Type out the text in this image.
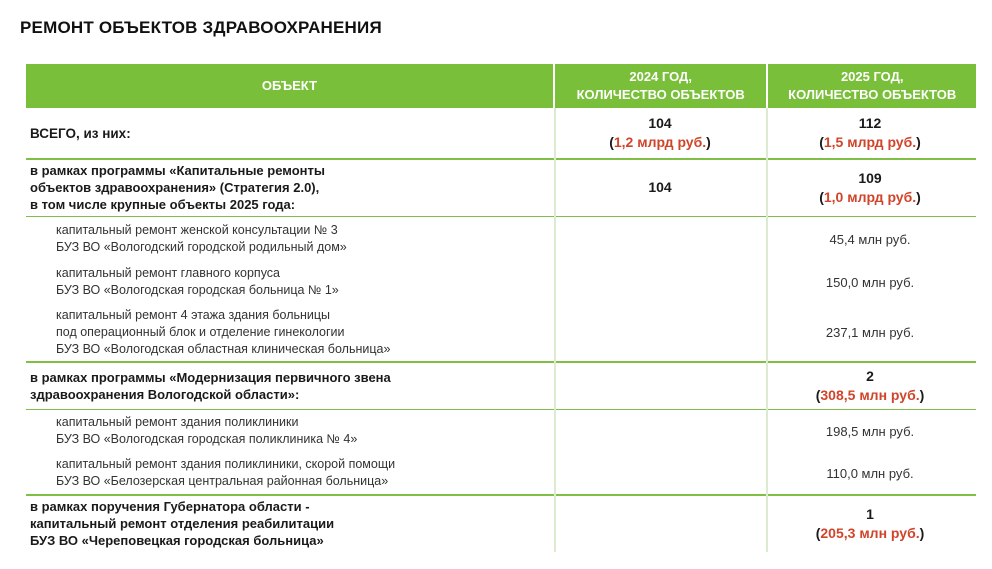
РЕМОНТ ОБЪЕКТОВ ЗДРАВООХРАНЕНИЯ
ОБЪЕКТ
2024 ГОД,
КОЛИЧЕСТВО ОБЪЕКТОВ
2025 ГОД,
КОЛИЧЕСТВО ОБЪЕКТОВ
ВСЕГО, из них:
104
(1,2 млрд руб.)
112
(1,5 млрд руб.)
в рамках программы «Капитальные ремонты
объектов здравоохранения» (Стратегия 2.0),
в том числе крупные объекты 2025 года:
104
109
(1,0 млрд руб.)
капитальный ремонт женской консультации № 3
БУЗ ВО «Вологодский городской родильный дом»
45,4 млн руб.
капитальный ремонт главного корпуса
БУЗ ВО «Вологодская городская больница № 1»
150,0 млн руб.
капитальный ремонт 4 этажа здания больницы
под операционный блок и отделение гинекологии
БУЗ ВО «Вологодская областная клиническая больница»
237,1 млн руб.
в рамках программы «Модернизация первичного звена
здравоохранения Вологодской области»:
2
(308,5 млн руб.)
капитальный ремонт здания поликлиники
БУЗ ВО «Вологодская городская поликлиника № 4»
198,5 млн руб.
капитальный ремонт здания поликлиники, скорой помощи
БУЗ ВО «Белозерская центральная районная больница»
110,0 млн руб.
в рамках поручения Губернатора области -
капитальный ремонт отделения реабилитации
БУЗ ВО «Череповецкая городская больница»
1
(205,3 млн руб.)
